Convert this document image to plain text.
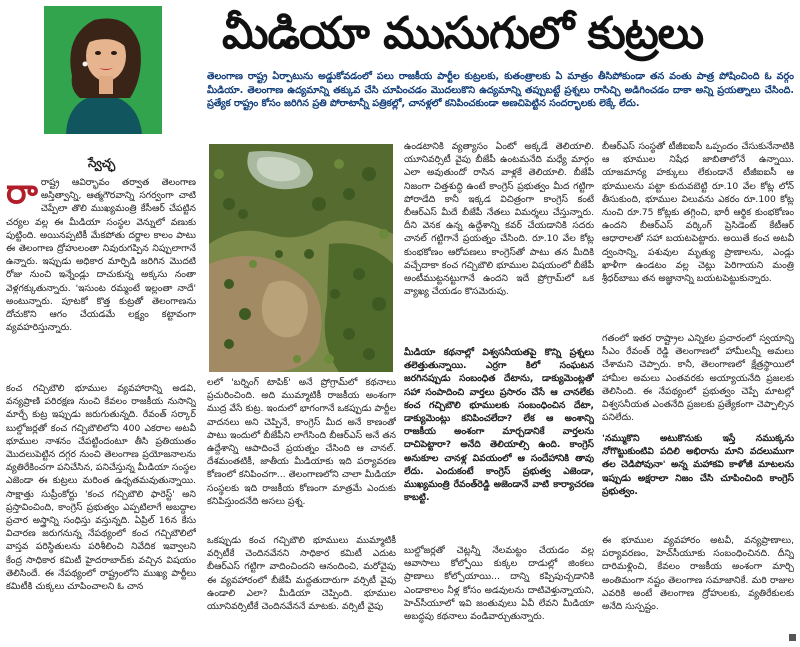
మీడియా ముసుగులో కుట్రలు
తెలంగాణ రాష్ట్ర ఏర్పాటును అడ్డుకోవడంలో పలు రాజకీయ పార్టీల కుట్రలకు, కుతంత్రాలకు ఏ మాత్రం తీసిపోకుండా తన వంతు పాత్ర పోషించింది ఓ వర్గం మీడియా. తెలంగాణ ఉద్యమాన్ని తక్కువ చేసి చూపించడం మొదలుకొని ఉద్యమాన్ని తప్పుబట్టే ప్రశ్నలు రాసిచ్చి అడిగించడం దాకా అన్ని ప్రయత్నాలు చేసింది. ప్రత్యేక రాష్ట్రం కోసం జరిగిన ప్రతి పోరాటాన్నీ పత్రికల్లో, చానళ్లలో కనిపించకుండా అణచిపెట్టిన సందర్భాలకు లెక్కే లేదు.
స్వేచ్ఛ
రారాష్ట్ర ఆవిర్భావం తర్వాత తెలంగాణ అస్తిత్వాన్ని, ఆత్మగౌరవాన్ని సగర్వంగా చాటి చెప్పేలా తొలి ముఖ్యమంత్రి కేసీఆర్ చేపట్టిన చర్యల వల్ల ఈ మీడియా సంస్థల వెన్నులో వణుకు పుట్టింది. అయినప్పటికీ మేకపోతు దర్జాల కాలం పాటు ఈ తెలంగాణ ద్రోహులంతా నివురుగప్పిన నిప్పులాగానే ఉన్నారు. ఇప్పుడు అధికార మార్పిడి జరిగిన మొదటి రోజు నుంచి ఇన్నేండ్లు దాచుకున్న అక్కసు నంతా వెళ్లగక్కుతున్నారు. 'ఇసుంట రమ్మంటే ఇల్లంతా నాదే' అంటున్నారు. పూటకో కొత్త కుట్రతో తెలంగాణను దోచుకొని ఆగం చేయడమే లక్ష్యం కట్టావంగా వ్యవహరిస్తున్నారు.
కంచ గచ్చిబౌలి భూముల వ్యవహారాన్ని అడవి, వన్యప్రాణి పరిరక్షణ నుంచి కేవలం రాజకీయ నుసాన్ని మార్చే కుట్ర ఇప్పుడు జరుగుతున్నది. రేవంత్ సర్కార్ బుల్డోజర్లతో కంచ గచ్చిబౌలిలోని 400 ఎకరాల అటవీ భూముల నాశనం చేపట్టిందంటూ తీసి ప్రతియుతం మొదలుపెట్టిన దగ్గర నుంచి తెలంగాణ ప్రయోజనాలను వ్యతిరేకించగా పనిచేసిన, పనిచేస్తున్న మీడియా సంస్థల ఎజెండా ఈ కుట్రలు మరింత ఉధృతమవుతున్నాయి. సాక్షాత్తు సుప్రీంకోర్టు 'కంచ గచ్చిబౌలి ఫారెస్ట్' అని ప్రస్తావించింది, కాంగ్రెస్ ప్రభుత్వం ఎప్పటిలాగే అబద్ధాల ప్రచార అస్త్రాన్ని సంధిస్తు వస్తున్నది. ఏప్రిల్ 16న కేసు విచారణ జరుగనున్న నేపథ్యంలో కంచ గచ్చిబౌలిలో వాస్తవ పరిస్థితులను పరిశీలించి నివేదిక ఇవ్వాలని కేంద్ర సాధికార కమిటీ హైదరాబాద్‌కు వచ్చిన విషయం తెలిసిందే. ఈ నేపథ్యంలో రాష్ట్రంలోని ముఖ్య పార్టీలు కమిటీకి చుక్కలు చూపించాలని ఓ చాన
లలో 'బర్నింగ్ టాపిక్' అనే ప్రోగ్రామ్‌లో కథనాలు ప్రచురించింది. అది ముమ్మాటికీ రాజకీయ అంశంగా ముద్ర వేసే కుట్ర. ఇందులో భాగంగానే ఒకప్పుడు పార్టీల వాదనలు అని చెప్పినే, కాంగ్రెస్ మీద అనే కాణంతో పాటు ఇందులో బీజేపీని లాగేసింది బీఆర్ఎస్ అనే తన ఉద్దేశాన్ని ఆపాదించే ప్రయత్నం చేసింది ఆ చానల్. దేశమంతటికీ, జాతీయ మీడియాకు ఇది పర్యావరణ కోణంలో కనిపించగా... తెలంగాణలోని చాలా మీడియా సంస్థలకు ఇది రాజకీయ కోణంగా మాత్రమే ఎందుకు కనిపిస్తుందనేది అసలు ప్రశ్న.
ఒకప్పుడు కంచ గచ్చిబౌలి భూములు ముమ్మాటికీ వర్సిటీకే చెందినవేనని సాధికార కమిటీ ఎదుట బీఆర్ఎస్ గట్టిగా వాదించిందని ఆనందించి, మరోవైపు ఈ వ్యవహారంలో బీజేపీ మద్దతుదారుగా వర్సిటీ వైపు ఉండాలి ఎలా? మీడియా చెప్పింది. భూముల యూనివర్సిటీకే చెందినవేననే మాటకు. వర్సిటీ వైపు
ఉండటానికి వ్యత్యాసం ఏంటో అక్కడే తెలియాలి. యూనివర్సిటీ వైపు బీజేపీ ఉంటమనేది మధ్యే మార్గం ఎలా అవుతుందో రాసిన వాళ్లకే తెలియాలి. బీజేపీ నిజంగా చిత్తశుద్ధి ఉంటే కాంగ్రెస్ ప్రభుత్వం మీద గట్టిగా పోరాడేది కానీ ఇక్కడ విచిత్రంగా కాంగ్రెస్ కంటే బీఆర్ఎస్ మీదే బీజేపీ నేతలు విమర్శలు చేస్తున్నారు. దీని వెనక ఉన్న ఉద్దేశాన్ని కవర్ చేయడానికి సదరు చానల్ గట్టిగానే ప్రయత్నం చేసింది. రూ.10 వేల కోట్ల కుంభకోణం ఆరోపణలు కాంగ్రెస్‌తో పాటు తన మీదికి వచ్చేదాకా కంచ గచ్చిబౌలి భూముల విషయంలో బీజేపీ అంటీముట్టనట్టుగానే ఉందని ఇదే ప్రోగ్రామ్‌లో ఒక వ్యాఖ్య చేయడం కొసమెరుపు.
మీడియా కథనాల్లో విశ్వసనీయతపై కొన్ని ప్రశ్నలు తలెత్తుతున్నాయి. ఎర్రగా కిలో సంఘటన జరగినప్పుడు సంబంధిత దేటాను, డాక్యుమెంట్లతో సహా సంపాదించి వార్తలు ప్రసారం చేసే ఆ చానలేకు కంచ గచ్చిబౌలి భూములకు సంబంధించిన దేటా, డాక్యుమెంట్లు కనిపించలేదా? లేక ఆ అంశాన్ని రాజకీయ అంశంగా మార్చడానికే వార్తలను దాచిపెట్టారా? అనేది తెలియాల్సి ఉంది. కాంగ్రెస్ అనుకూల చానళ్ల వివయంలో ఆ సందేహానికి తావు లేదు. ఎందుకంటే కాంగ్రెస్ ప్రభుత్వ ఎజెండా, ముఖ్యమంత్రి రేవంత్‌రెడ్డి అజెండానే వాటి కార్యాచరణ కాబట్టి.
బుల్డోజర్లతో చెట్లన్నీ నేలమట్టం చేయడం వల్ల ఆవాసాలు కోల్పోయి కుక్కల దాడుల్లో జింకలు ప్రాణాలు కోల్పోయాయి... దాన్ని కప్పిపుచ్చడానికి ఎండాకాలం నీళ్ల కోసం అడవులను దాటివెళ్తున్నాయని, హెచ్‌సీయూలో ఇవి జంతువులు ఏవీ లేవని మీడియా అబద్ధపు కథనాలు వండివార్చుతున్నారు.
బీఆర్ఎస్ సంస్థతో టీజీఐఐసీ ఒప్పందం చేసుకునేనాటికి ఆ భూముల నిషేధ జాబితాలోనే ఉన్నాయి. యాజమాన్య హక్కులు లేకుండానే టీజీఐఐసీ ఆ భూములను పట్టా కుదువబెట్టి రూ.10 వేల కోట్ల లోన్ తీసుకుంది, భూముల విలువను ఎకరం రూ.100 కోట్ల నుంచి రూ.75 కోట్లకు తగ్గించి, భారీ ఆర్థిక కుంభకోణం ఉందని బీఆర్ఎస్ వర్కింగ్ ప్రెసిడెంట్ కేటీఆర్ ఆధారాలతో సహా బయటపెట్టారు. అయితే కంచ అటవీ ద్వంసాన్ని, పశువుల మృత్యు ప్రాణాలను, ఎండ్లు ఖాళీగా ఉండటం వల్ల చెట్లు పెరిగాయని మంత్రి శ్రీధర్‌బాబు తన అజ్ఞానాన్ని బయటపెట్టుకున్నారు.
గతంలో ఇతర రాష్ట్రాల ఎన్నికల ప్రచారంలో స్వయాన్ని సీఎం రేవంత్ రెడ్డి తెలంగాణలో హామీలన్నీ అమలు చేశామని చెప్పారు. కానీ, తెలంగాణలో క్షేత్రస్థాయిలో హామీల అమలు ఎంతవరకు అయ్యాయనేది ప్రజలకు తెలిసింది. ఈ నేపథ్యంలో ప్రభుత్వం చెప్పే మాటల్లో విశ్వసనీయత ఎంతనేది ప్రజలకు ప్రత్యేకంగా చెప్పాల్సిన పనిలేదు.
'నమ్ముకొని అటుకొనుకు ఇస్తే నముక్కను నోగొట్టుకుంటివి పదిలి అభిరాను మాని వదలుముగా తల చెడిపోవునా' అన్న మహాకవి కాళోజీ మాటలను ఇప్పుడు అక్షరాలా నిజం చేసి చూపించింది కాంగ్రెస్ ప్రభుత్వం.
ఈ భూముల వ్యవహారం అటవీ, వన్యప్రాణాలు, పర్యావరణం, హెచ్‌సీయూకు సంబంధించినది. దీన్ని దారిమళ్లించి, కేవలం రాజకీయ అంశంగా మార్చి అంతిమంగా నష్టం తెలంగాణ సమాజానికే. మరి రాజుల ఎవరికి అంటే తెలంగాణ ద్రోహులకు, వ్యతిరేకులకు అనేది సుస్పష్టం.
